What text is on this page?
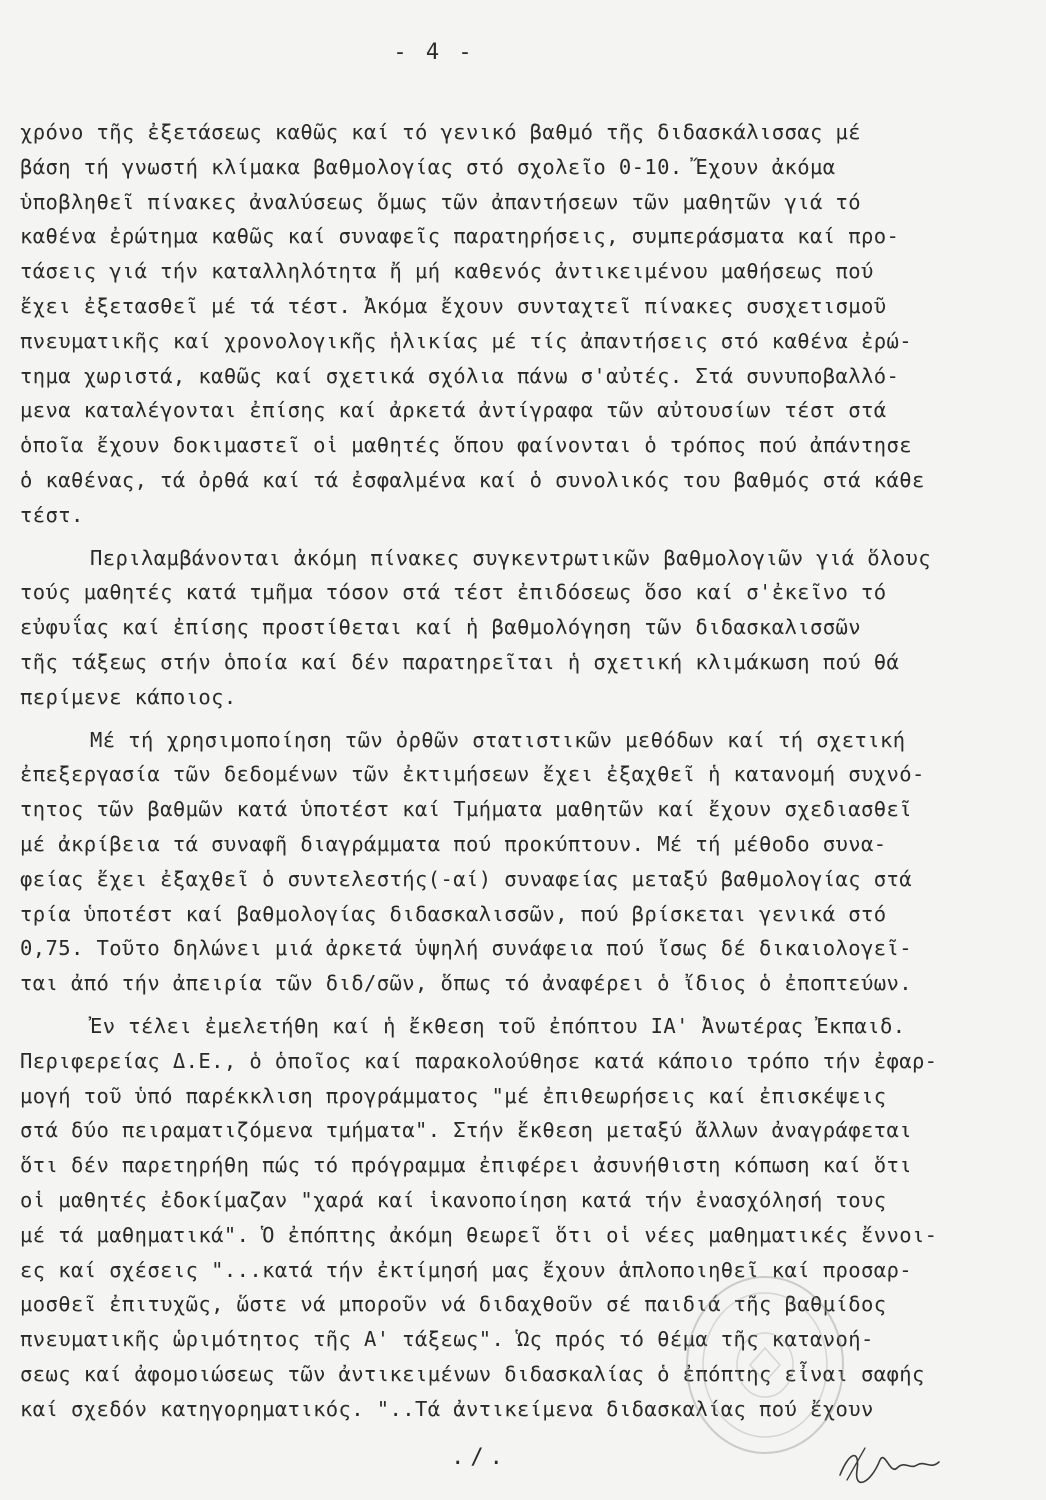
- 4 -
χρόνο τῆς ἐξετάσεως καθῶς καί τό γενικό βαθμό τῆς διδασκάλισσας μέ
βάση τή γνωστή κλίμακα βαθμολογίας στό σχολεῖο 0-10. Ἔχουν ἀκόμα
ὑποβληθεῖ πίνακες ἀναλύσεως ὅμως τῶν ἀπαντήσεων τῶν μαθητῶν γιά τό
καθένα ἐρώτημα καθῶς καί συναφεῖς παρατηρήσεις, συμπεράσματα καί προ-
τάσεις γιά τήν καταλληλότητα ἤ μή καθενός ἀντικειμένου μαθήσεως πού
ἔχει ἐξετασθεῖ μέ τά τέστ. Ἀκόμα ἔχουν συνταχτεῖ πίνακες συσχετισμοῦ
πνευματικῆς καί χρονολογικῆς ἡλικίας μέ τίς ἀπαντήσεις στό καθένα ἐρώ-
τημα χωριστά, καθῶς καί σχετικά σχόλια πάνω σ'αὐτές. Στά συνυποβαλλό-
μενα καταλέγονται ἐπίσης καί ἀρκετά ἀντίγραφα τῶν αὐτουσίων τέστ στά
ὁποῖα ἔχουν δοκιμαστεῖ οἱ μαθητές ὅπου φαίνονται ὁ τρόπος πού ἀπάντησε
ὁ καθένας, τά ὀρθά καί τά ἐσφαλμένα καί ὁ συνολικός του βαθμός στά κάθε
τέστ.
Περιλαμβάνονται ἀκόμη πίνακες συγκεντρωτικῶν βαθμολογιῶν γιά ὅλους
τούς μαθητές κατά τμῆμα τόσον στά τέστ ἐπιδόσεως ὅσο καί σ'ἐκεῖνο τό
εὐφυΐας καί ἐπίσης προστίθεται καί ἡ βαθμολόγηση τῶν διδασκαλισσῶν
τῆς τάξεως στήν ὁποία καί δέν παρατηρεῖται ἡ σχετική κλιμάκωση πού θά
περίμενε κάποιος.
Μέ τή χρησιμοποίηση τῶν ὀρθῶν στατιστικῶν μεθόδων καί τή σχετική
ἐπεξεργασία τῶν δεδομένων τῶν ἐκτιμήσεων ἔχει ἐξαχθεῖ ἡ κατανομή συχνό-
τητος τῶν βαθμῶν κατά ὑποτέστ καί Τμήματα μαθητῶν καί ἔχουν σχεδιασθεῖ
μέ ἀκρίβεια τά συναφῆ διαγράμματα πού προκύπτουν. Μέ τή μέθοδο συνα-
φείας ἔχει ἐξαχθεῖ ὁ συντελεστής(-αί) συναφείας μεταξύ βαθμολογίας στά
τρία ὑποτέστ καί βαθμολογίας διδασκαλισσῶν, πού βρίσκεται γενικά στό
0,75. Τοῦτο δηλώνει μιά ἀρκετά ὑψηλή συνάφεια πού ἴσως δέ δικαιολογεῖ-
ται ἀπό τήν ἀπειρία τῶν διδ/σῶν, ὅπως τό ἀναφέρει ὁ ἴδιος ὁ ἐποπτεύων.
Ἐν τέλει ἐμελετήθη καί ἡ ἔκθεση τοῦ ἐπόπτου ΙΑ' Ἀνωτέρας Ἐκπαιδ.
Περιφερείας Δ.Ε., ὁ ὁποῖος καί παρακολούθησε κατά κάποιο τρόπο τήν ἐφαρ-
μογή τοῦ ὑπό παρέκκλιση προγράμματος "μέ ἐπιθεωρήσεις καί ἐπισκέψεις
στά δύο πειραματιζόμενα τμήματα". Στήν ἔκθεση μεταξύ ἄλλων ἀναγράφεται
ὅτι δέν παρετηρήθη πώς τό πρόγραμμα ἐπιφέρει ἀσυνήθιστη κόπωση καί ὅτι
οἱ μαθητές ἐδοκίμαζαν "χαρά καί ἱκανοποίηση κατά τήν ἐνασχόλησή τους
μέ τά μαθηματικά". Ὁ ἐπόπτης ἀκόμη θεωρεῖ ὅτι οἱ νέες μαθηματικές ἔννοι-
ες καί σχέσεις "...κατά τήν ἐκτίμησή μας ἔχουν ἁπλοποιηθεῖ καί προσαρ-
μοσθεῖ ἐπιτυχῶς, ὥστε νά μποροῦν νά διδαχθοῦν σέ παιδιά τῆς βαθμίδος
πνευματικῆς ὡριμότητος τῆς Α' τάξεως". Ὡς πρός τό θέμα τῆς κατανοή-
σεως καί ἀφομοιώσεως τῶν ἀντικειμένων διδασκαλίας ὁ ἐπόπτης εἶναι σαφής
καί σχεδόν κατηγορηματικός. "..Τά ἀντικείμενα διδασκαλίας πού ἔχουν
./.
